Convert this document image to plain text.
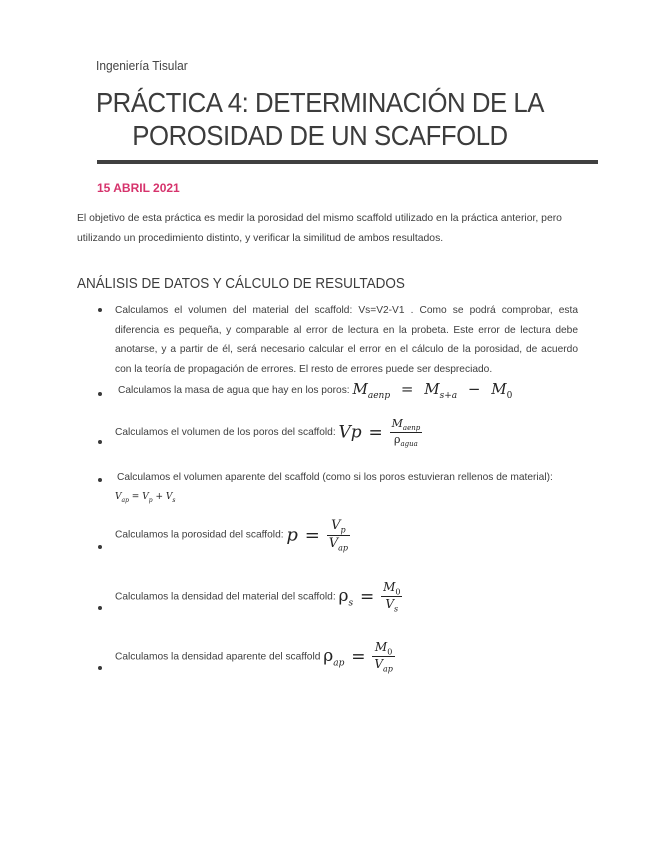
Ingeniería Tisular
PRÁCTICA 4: DETERMINACIÓN DE LA
POROSIDAD DE UN SCAFFOLD
15 ABRIL 2021
El objetivo de esta práctica es medir la porosidad del mismo scaffold utilizado en la práctica anterior, pero utilizando un procedimiento distinto, y verificar la similitud de ambos resultados.
ANÁLISIS DE DATOS Y CÁLCULO DE RESULTADOS
Calculamos el volumen del material del scaffold: Vs=V2-V1 . Como se podrá comprobar, esta diferencia es pequeña, y comparable al error de lectura en la probeta. Este error de lectura debe anotarse, y a partir de él, será necesario calcular el error en el cálculo de la porosidad, de acuerdo con la teoría de propagación de errores. El resto de errores puede ser despreciado.
Calculamos la masa de agua que hay en los poros: $M_{aenp} = M_{s+a} - M_0$
Calculamos el volumen de los poros del scaffold: $Vp = \frac{M_{aenp}}{\rho_{agua}}$
Calculamos el volumen aparente del scaffold (como si los poros estuvieran rellenos de material):
$V_{ap} = V_p + V_s$
Calculamos la porosidad del scaffold: $p = \frac{V_p}{V_{ap}}$
Calculamos la densidad del material del scaffold: $\rho_s = \frac{M_0}{V_s}$
Calculamos la densidad aparente del scaffold $\rho_{ap} = \frac{M_0}{V_{ap}}$
